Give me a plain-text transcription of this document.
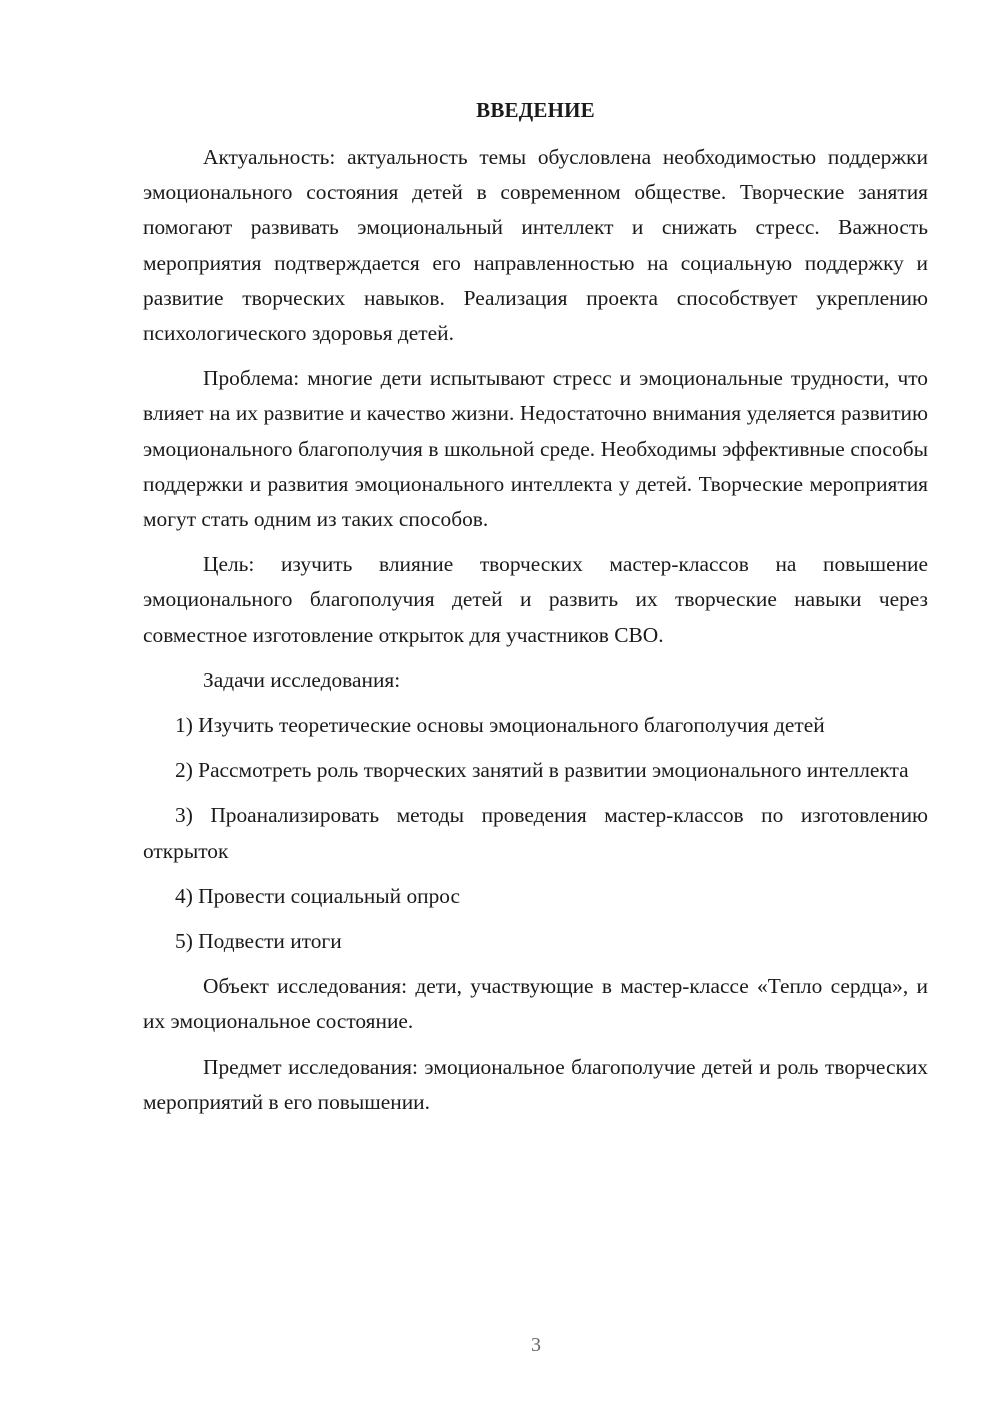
ВВЕДЕНИЕ

Актуальность: актуальность темы обусловлена необходимостью поддержки эмоционального состояния детей в современном обществе. Творческие занятия помогают развивать эмоциональный интеллект и снижать стресс. Важность мероприятия подтверждается его направленностью на социальную поддержку и развитие творческих навыков. Реализация проекта способствует укреплению психологического здоровья детей.

Проблема: многие дети испытывают стресс и эмоциональные трудности, что влияет на их развитие и качество жизни. Недостаточно внимания уделяется развитию эмоционального благополучия в школьной среде. Необходимы эффективные способы поддержки и развития эмоционального интеллекта у детей. Творческие мероприятия могут стать одним из таких способов.

Цель: изучить влияние творческих мастер-классов на повышение эмоционального благополучия детей и развить их творческие навыки через совместное изготовление открыток для участников СВО.

Задачи исследования:

1) Изучить теоретические основы эмоционального благополучия детей

2) Рассмотреть роль творческих занятий в развитии эмоционального интеллекта

3) Проанализировать методы проведения мастер-классов по изготовлению открыток

4) Провести социальный опрос

5) Подвести итоги

Объект исследования: дети, участвующие в мастер-классе «Тепло сердца», и их эмоциональное состояние.

Предмет исследования: эмоциональное благополучие детей и роль творческих мероприятий в его повышении.

3
